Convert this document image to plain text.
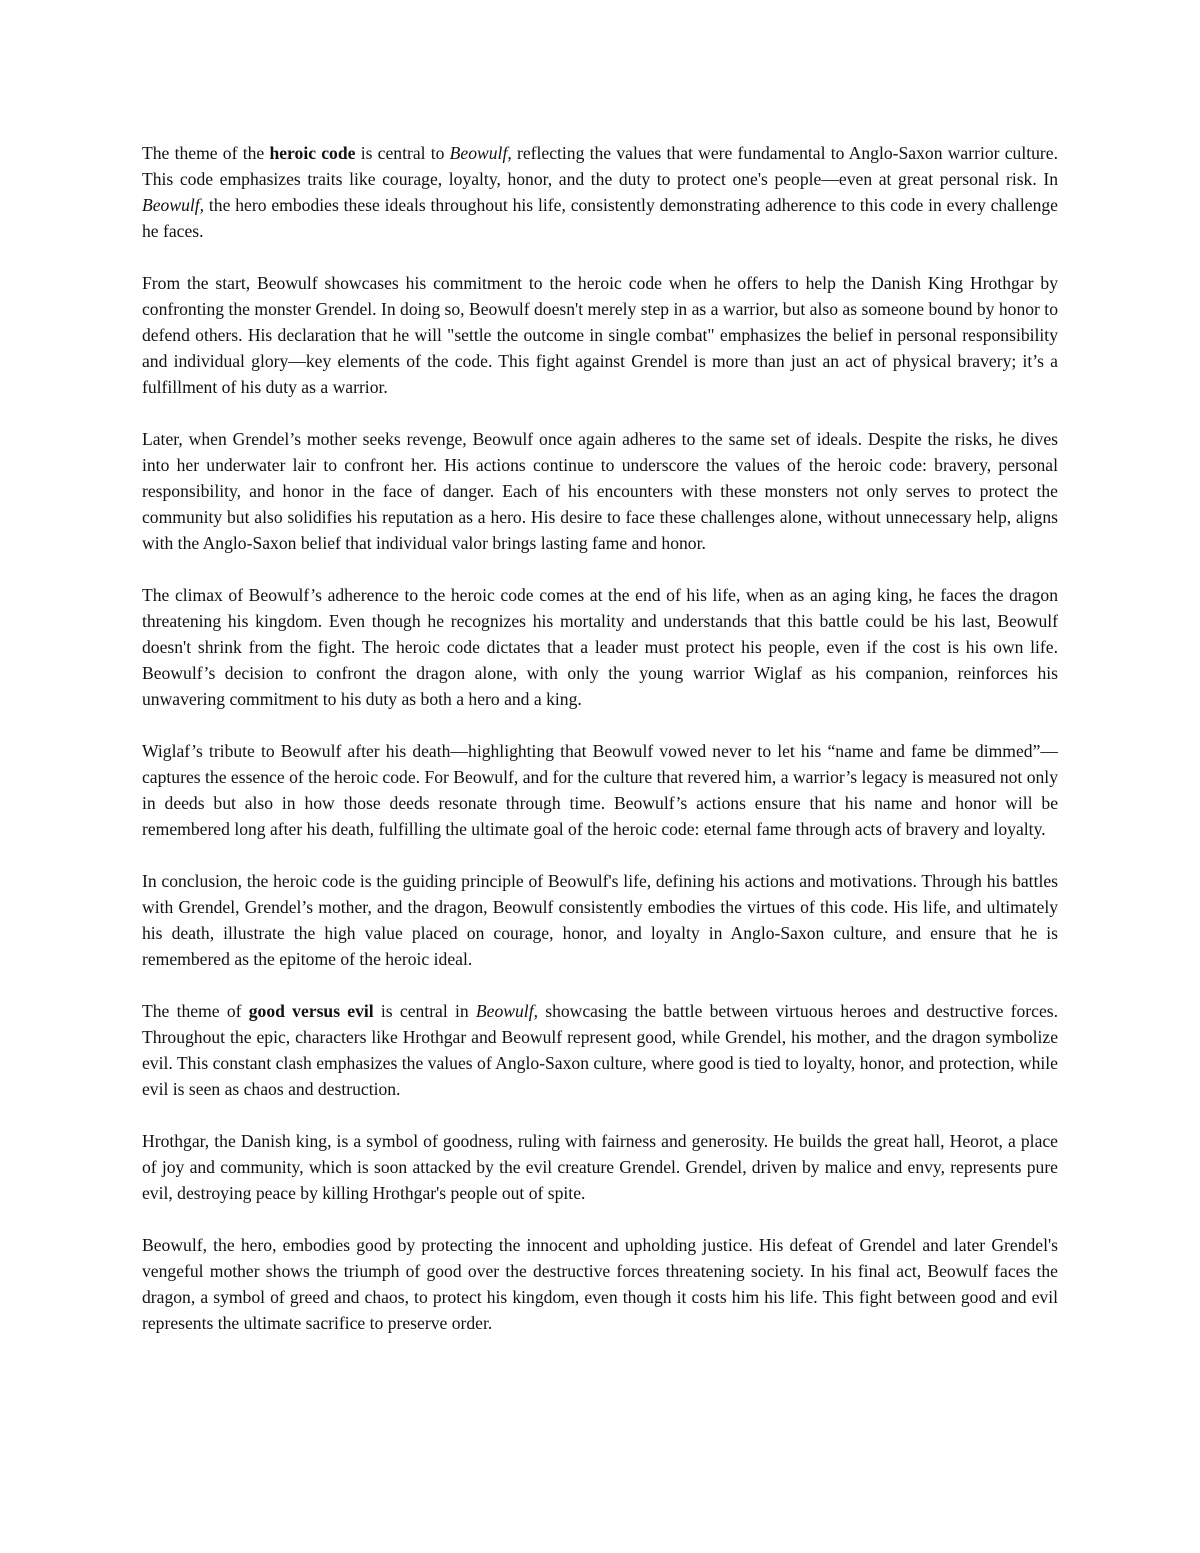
The theme of the heroic code is central to Beowulf, reflecting the values that were fundamental to Anglo-Saxon warrior culture. This code emphasizes traits like courage, loyalty, honor, and the duty to protect one's people—even at great personal risk. In Beowulf, the hero embodies these ideals throughout his life, consistently demonstrating adherence to this code in every challenge he faces.

From the start, Beowulf showcases his commitment to the heroic code when he offers to help the Danish King Hrothgar by confronting the monster Grendel. In doing so, Beowulf doesn't merely step in as a warrior, but also as someone bound by honor to defend others. His declaration that he will "settle the outcome in single combat" emphasizes the belief in personal responsibility and individual glory—key elements of the code. This fight against Grendel is more than just an act of physical bravery; it’s a fulfillment of his duty as a warrior.

Later, when Grendel’s mother seeks revenge, Beowulf once again adheres to the same set of ideals. Despite the risks, he dives into her underwater lair to confront her. His actions continue to underscore the values of the heroic code: bravery, personal responsibility, and honor in the face of danger. Each of his encounters with these monsters not only serves to protect the community but also solidifies his reputation as a hero. His desire to face these challenges alone, without unnecessary help, aligns with the Anglo-Saxon belief that individual valor brings lasting fame and honor.

The climax of Beowulf’s adherence to the heroic code comes at the end of his life, when as an aging king, he faces the dragon threatening his kingdom. Even though he recognizes his mortality and understands that this battle could be his last, Beowulf doesn't shrink from the fight. The heroic code dictates that a leader must protect his people, even if the cost is his own life. Beowulf’s decision to confront the dragon alone, with only the young warrior Wiglaf as his companion, reinforces his unwavering commitment to his duty as both a hero and a king.

Wiglaf’s tribute to Beowulf after his death—highlighting that Beowulf vowed never to let his “name and fame be dimmed”—captures the essence of the heroic code. For Beowulf, and for the culture that revered him, a warrior’s legacy is measured not only in deeds but also in how those deeds resonate through time. Beowulf’s actions ensure that his name and honor will be remembered long after his death, fulfilling the ultimate goal of the heroic code: eternal fame through acts of bravery and loyalty.

In conclusion, the heroic code is the guiding principle of Beowulf's life, defining his actions and motivations. Through his battles with Grendel, Grendel’s mother, and the dragon, Beowulf consistently embodies the virtues of this code. His life, and ultimately his death, illustrate the high value placed on courage, honor, and loyalty in Anglo-Saxon culture, and ensure that he is remembered as the epitome of the heroic ideal.

The theme of good versus evil is central in Beowulf, showcasing the battle between virtuous heroes and destructive forces. Throughout the epic, characters like Hrothgar and Beowulf represent good, while Grendel, his mother, and the dragon symbolize evil. This constant clash emphasizes the values of Anglo-Saxon culture, where good is tied to loyalty, honor, and protection, while evil is seen as chaos and destruction.

Hrothgar, the Danish king, is a symbol of goodness, ruling with fairness and generosity. He builds the great hall, Heorot, a place of joy and community, which is soon attacked by the evil creature Grendel. Grendel, driven by malice and envy, represents pure evil, destroying peace by killing Hrothgar's people out of spite.

Beowulf, the hero, embodies good by protecting the innocent and upholding justice. His defeat of Grendel and later Grendel's vengeful mother shows the triumph of good over the destructive forces threatening society. In his final act, Beowulf faces the dragon, a symbol of greed and chaos, to protect his kingdom, even though it costs him his life. This fight between good and evil represents the ultimate sacrifice to preserve order.
